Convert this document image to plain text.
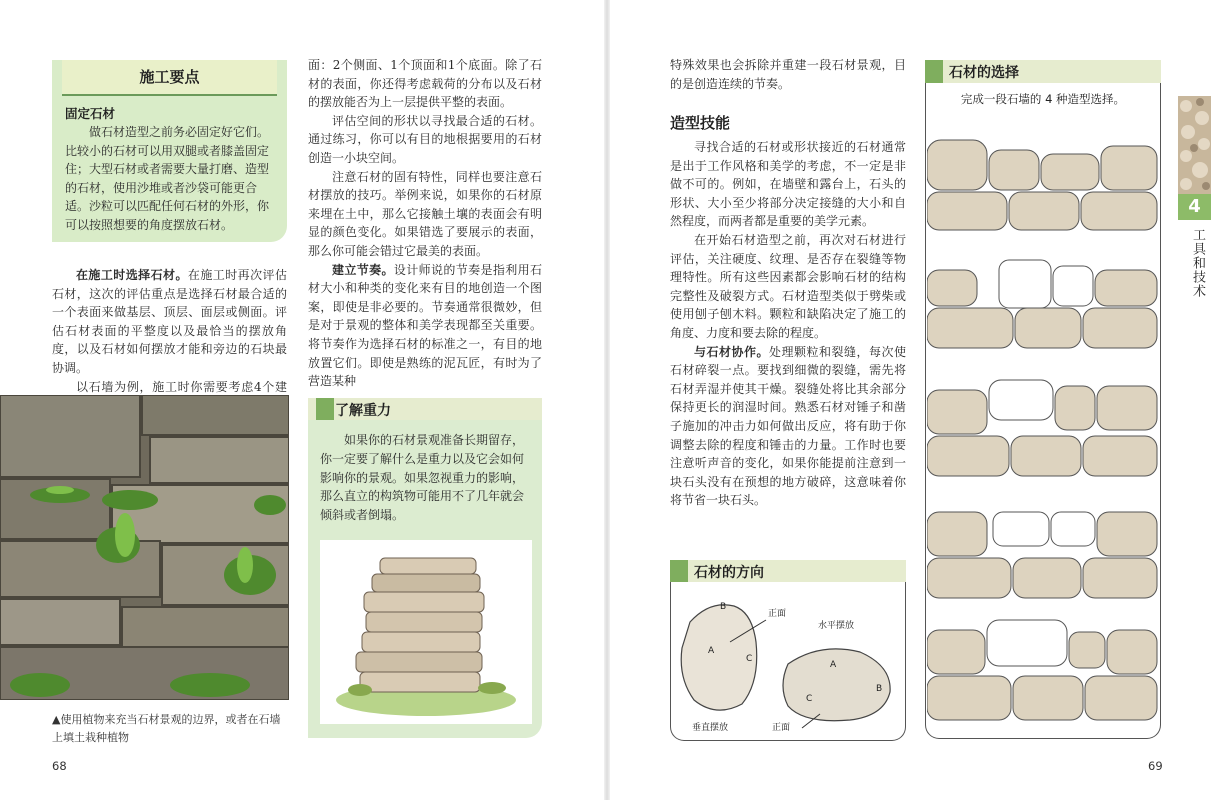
施工要点
固定石材
做石材造型之前务必固定好它们。比较小的石材可以用双腿或者膝盖固定住；大型石材或者需要大量打磨、造型的石材，使用沙堆或者沙袋可能更合适。沙粒可以匹配任何石材的外形，你可以按照想要的角度摆放石材。

在施工时选择石材。在施工时再次评估石材，这次的评估重点是选择石材最合适的一个表面来做基层、顶层、面层或侧面。评估石材表面的平整度以及最恰当的摆放角度，以及石材如何摆放才能和旁边的石块最协调。

以石墙为例，施工时你需要考虑4个建

面：2个侧面、1个顶面和1个底面。除了石材的表面，你还得考虑载荷的分布以及石材的摆放能否为上一层提供平整的表面。

评估空间的形状以寻找最合适的石材。通过练习，你可以有目的地根据要用的石材创造一小块空间。

注意石材的固有特性，同样也要注意石材摆放的技巧。举例来说，如果你的石材原来埋在土中，那么它接触土壤的表面会有明显的颜色变化。如果错选了要展示的表面，那么你可能会错过它最美的表面。

建立节奏。设计师说的节奏是指利用石材大小和种类的变化来有目的地创造一个图案，即使是非必要的。节奏通常很微妙，但是对于景观的整体和美学表现都至关重要。将节奏作为选择石材的标准之一，有目的地放置它们。即使是熟练的泥瓦匠，有时为了营造某种

▲使用植物来充当石材景观的边界，或者在石墙上填土栽种植物
68
了解重力
如果你的石材景观准备长期留存，你一定要了解什么是重力以及它会如何影响你的景观。如果忽视重力的影响，那么直立的构筑物可能用不了几年就会倾斜或者倒塌。
特殊效果也会拆除并重建一段石材景观，目的是创造连续的节奏。
造型技能

寻找合适的石材或形状接近的石材通常是出于工作风格和美学的考虑，不一定是非做不可的。例如，在墙壁和露台上，石头的形状、大小至少将部分决定接缝的大小和自然程度，而两者都是重要的美学元素。

在开始石材造型之前，再次对石材进行评估，关注硬度、纹理、是否存在裂缝等物理特性。所有这些因素都会影响石材的结构完整性及破裂方式。石材造型类似于劈柴或使用刨子刨木料。颗粒和缺陷决定了施工的角度、力度和要去除的程度。

与石材协作。处理颗粒和裂缝，每次使石材碎裂一点。要找到细微的裂缝，需先将石材弄湿并使其干燥。裂缝处将比其余部分保持更长的润湿时间。熟悉石材对锤子和凿子施加的冲击力如何做出反应，将有助于你调整去除的程度和锤击的力量。工作时也要注意听声音的变化，如果你能提前注意到一块石头没有在预想的地方破碎，这意味着你将节省一块石头。

石材的方向
B
A
C
正面
水平摆放
A
B
C
垂直摆放	正面
69
石材的选择
完成一段石墙的 4 种造型选择。
4
工具和技术
